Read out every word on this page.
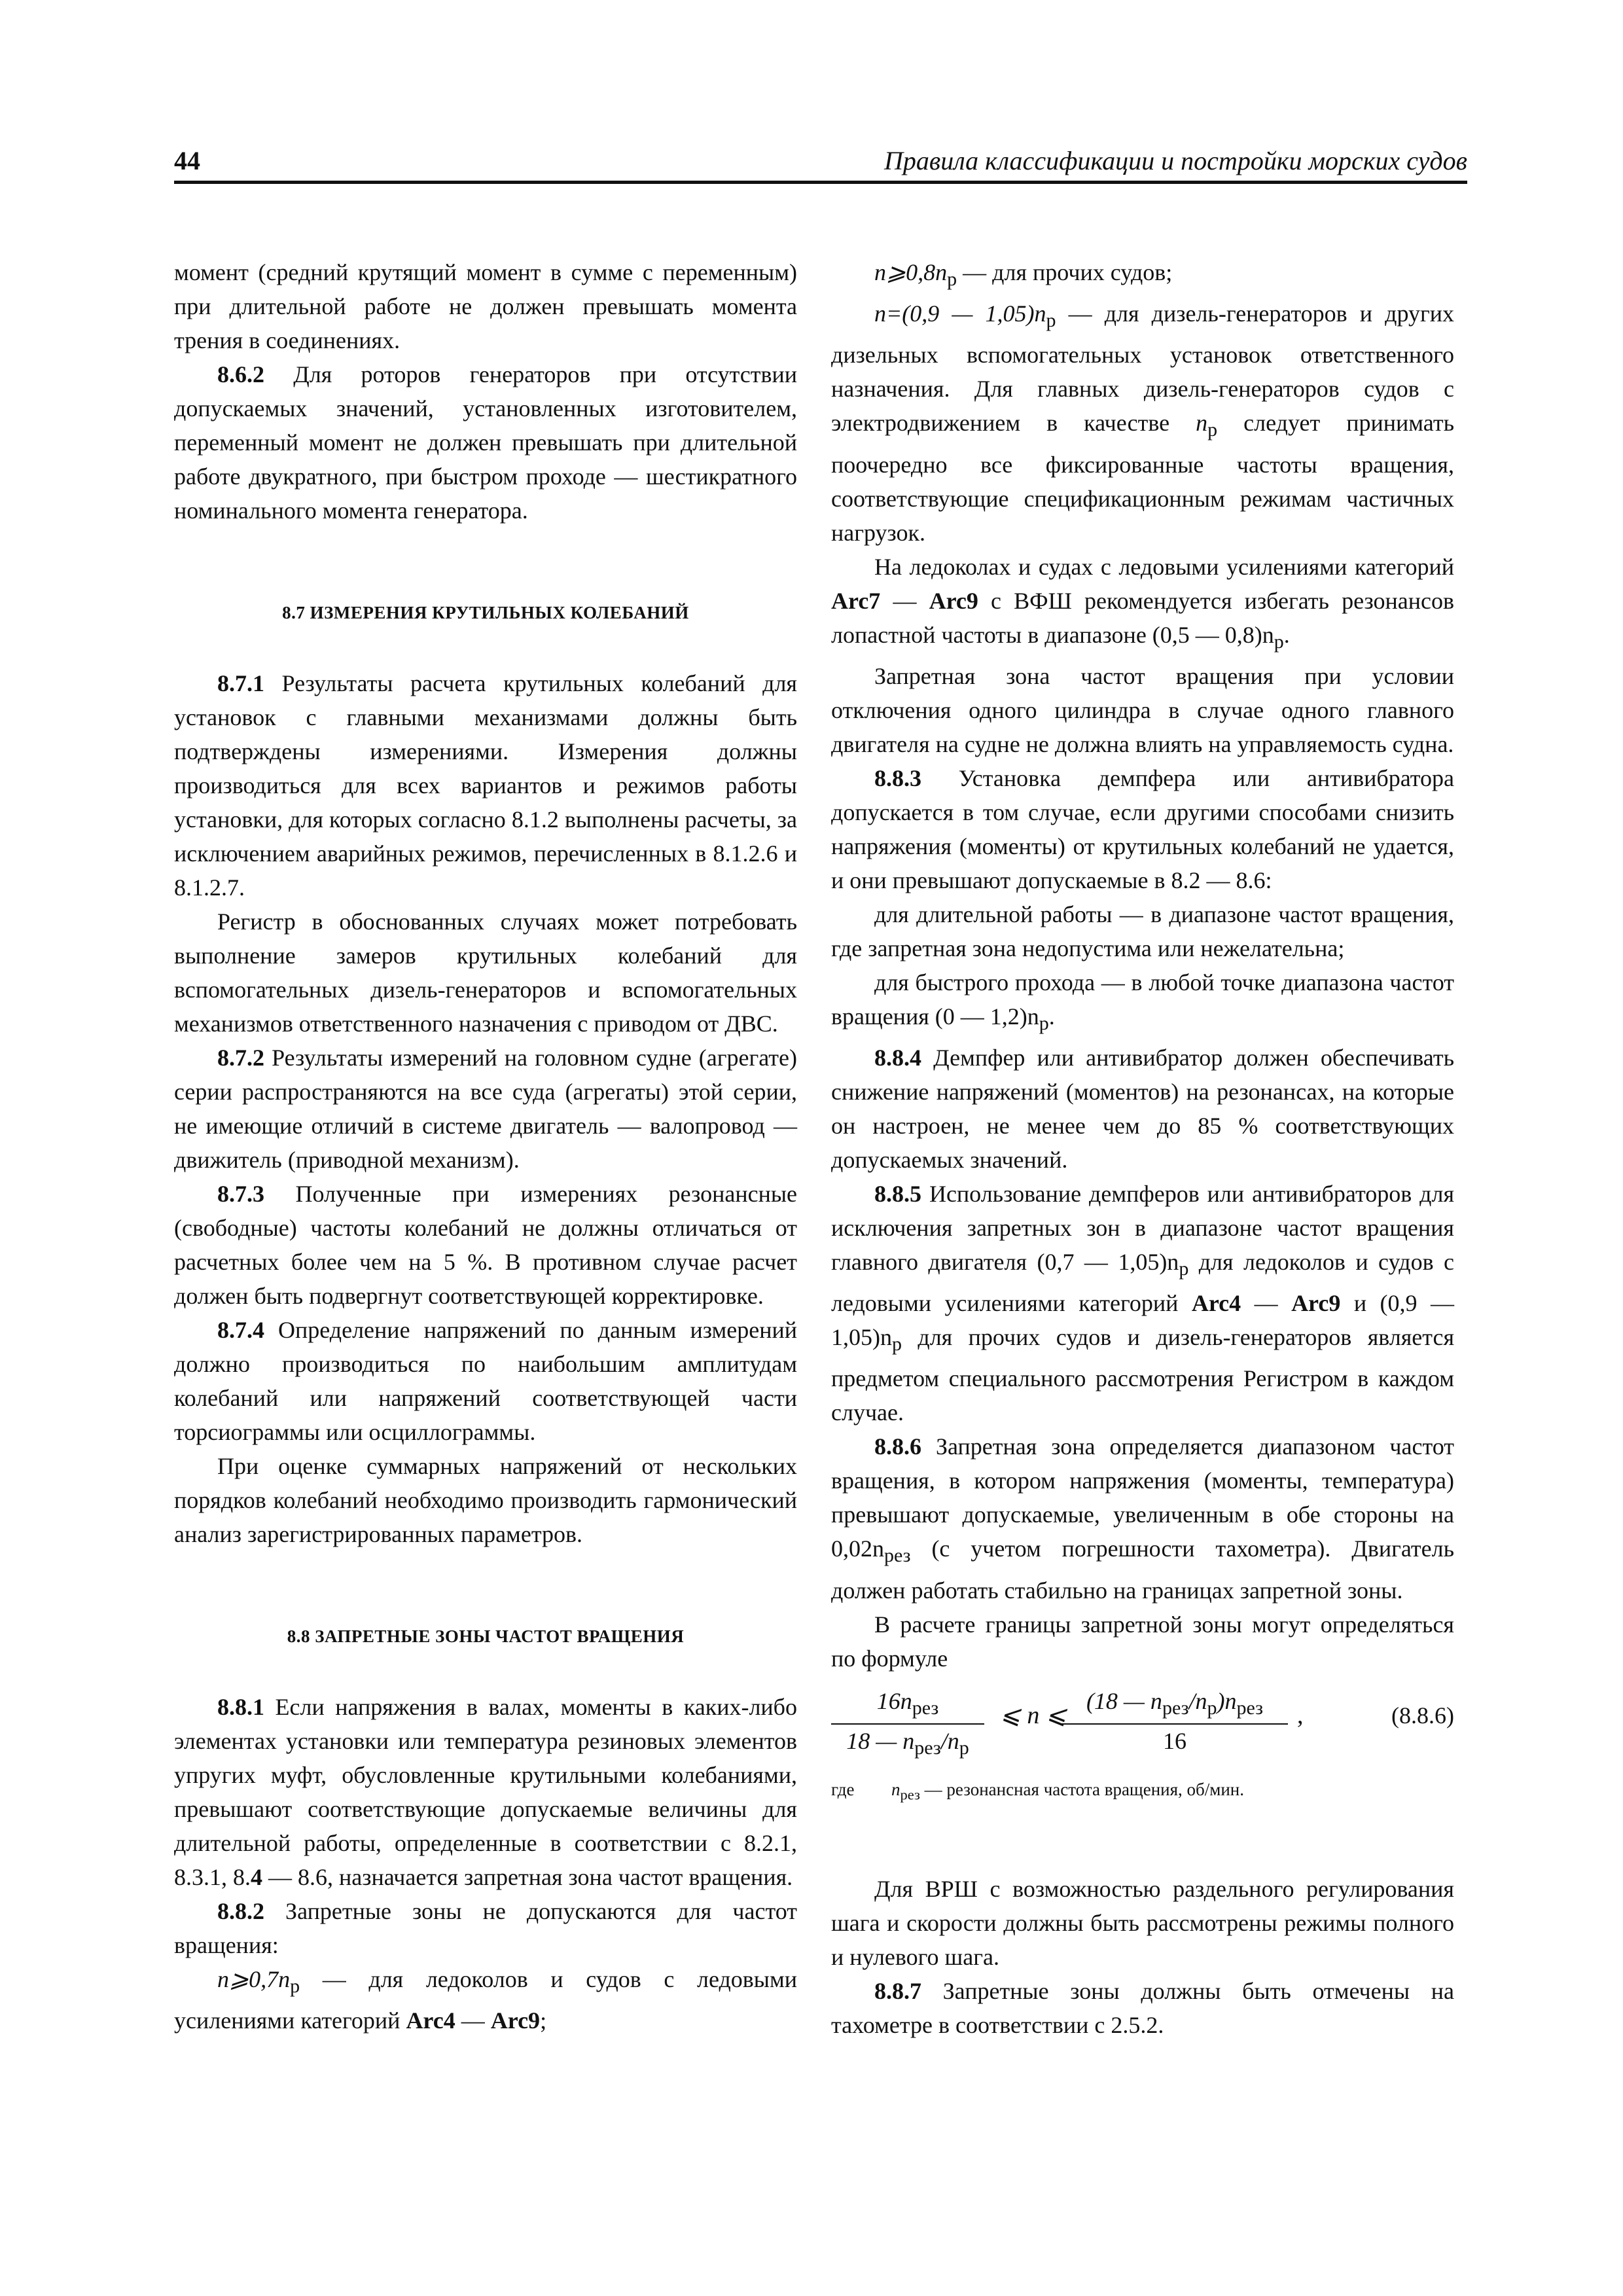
44	Правила классификации и постройки морских судов

момент (средний крутящий момент в сумме с переменным) при длительной работе не должен превышать момента трения в соединениях.

8.6.2 Для роторов генераторов при отсутствии допускаемых значений, установленных изготовителем, переменный момент не должен превышать при длительной работе двукратного, при быстром проходе — шестикратного номинального момента генератора.

8.7 ИЗМЕРЕНИЯ КРУТИЛЬНЫХ КОЛЕБАНИЙ

8.7.1 Результаты расчета крутильных колебаний для установок с главными механизмами должны быть подтверждены измерениями. Измерения должны производиться для всех вариантов и режимов работы установки, для которых согласно 8.1.2 выполнены расчеты, за исключением аварийных режимов, перечисленных в 8.1.2.6 и 8.1.2.7.

Регистр в обоснованных случаях может потребовать выполнение замеров крутильных колебаний для вспомогательных дизель-генераторов и вспомогательных механизмов ответственного назначения с приводом от ДВС.

8.7.2 Результаты измерений на головном судне (агрегате) серии распространяются на все суда (агрегаты) этой серии, не имеющие отличий в системе двигатель — валопровод — движитель (приводной механизм).

8.7.3 Полученные при измерениях резонансные (свободные) частоты колебаний не должны отличаться от расчетных более чем на 5 %. В противном случае расчет должен быть подвергнут соответствующей корректировке.

8.7.4 Определение напряжений по данным измерений должно производиться по наибольшим амплитудам колебаний или напряжений соответствующей части торсиограммы или осциллограммы.

При оценке суммарных напряжений от нескольких порядков колебаний необходимо производить гармонический анализ зарегистрированных параметров.

8.8 ЗАПРЕТНЫЕ ЗОНЫ ЧАСТОТ ВРАЩЕНИЯ

8.8.1 Если напряжения в валах, моменты в каких-либо элементах установки или температура резиновых элементов упругих муфт, обусловленные крутильными колебаниями, превышают соответствующие допускаемые величины для длительной работы, определенные в соответствии с 8.2.1, 8.3.1, 8.4 — 8.6, назначается запретная зона частот вращения.

8.8.2 Запретные зоны не допускаются для частот вращения:

$n⩾0,7n_р$ — для ледоколов и судов с ледовыми усилениями категорий Arc4 — Arc9;

$n⩾0,8n_р$ — для прочих судов;

n=(0,9 — $1,05)n_р$ — для дизель-генераторов и других дизельных вспомогательных установок ответственного назначения. Для главных дизель-генераторов судов с электродвижением в качестве $n_р$ следует принимать поочередно все фиксированные частоты вращения, соответствующие спецификационным режимам частичных нагрузок.

На ледоколах и судах с ледовыми усилениями категорий Arc7 — Arc9 с ВФШ рекомендуется избегать резонансов лопастной частоты в диапазоне (0,5 — $0,8)n_р$.

Запретная зона частот вращения при условии отключения одного цилиндра в случае одного главного двигателя на судне не должна влиять на управляемость судна.

8.8.3 Установка демпфера или антивибратора допускается в том случае, если другими способами снизить напряжения (моменты) от крутильных колебаний не удается, и они превышают допускаемые в 8.2 — 8.6:

для длительной работы — в диапазоне частот вращения, где запретная зона недопустима или нежелательна;

для быстрого прохода — в любой точке диапазона частот вращения (0 — $1,2)n_р$.

8.8.4 Демпфер или антивибратор должен обеспечивать снижение напряжений (моментов) на резонансах, на которые он настроен, не менее чем до 85 % соответствующих допускаемых значений.

8.8.5 Использование демпферов или антивибраторов для исключения запретных зон в диапазоне частот вращения главного двигателя (0,7 — $1,05)n_р$ для ледоколов и судов с ледовыми усилениями категорий Arc4 — Arc9 и (0,9 — $1,05)n_р$ для прочих судов и дизель-генераторов является предметом специального рассмотрения Регистром в каждом случае.

8.8.6 Запретная зона определяется диапазоном частот вращения, в котором напряжения (моменты, температура) превышают допускаемые, увеличенным в обе стороны на $0,02n_{рез}$ (с учетом погрешности тахометра). Двигатель должен работать стабильно на границах запретной зоны.

В расчете границы запретной зоны могут определяться по формуле

$16n_{рез}$
18 — $n_{рез}/n_р$
⩽ n ⩽
(18 — $n_{рез}/n_р)n_{рез}$
16
,	(8.8.6)

где $n_{рез}$ — резонансная частота вращения, об/мин.

Для ВРШ с возможностью раздельного регулирования шага и скорости должны быть рассмотрены режимы полного и нулевого шага.

8.8.7 Запретные зоны должны быть отмечены на тахометре в соответствии с 2.5.2.
